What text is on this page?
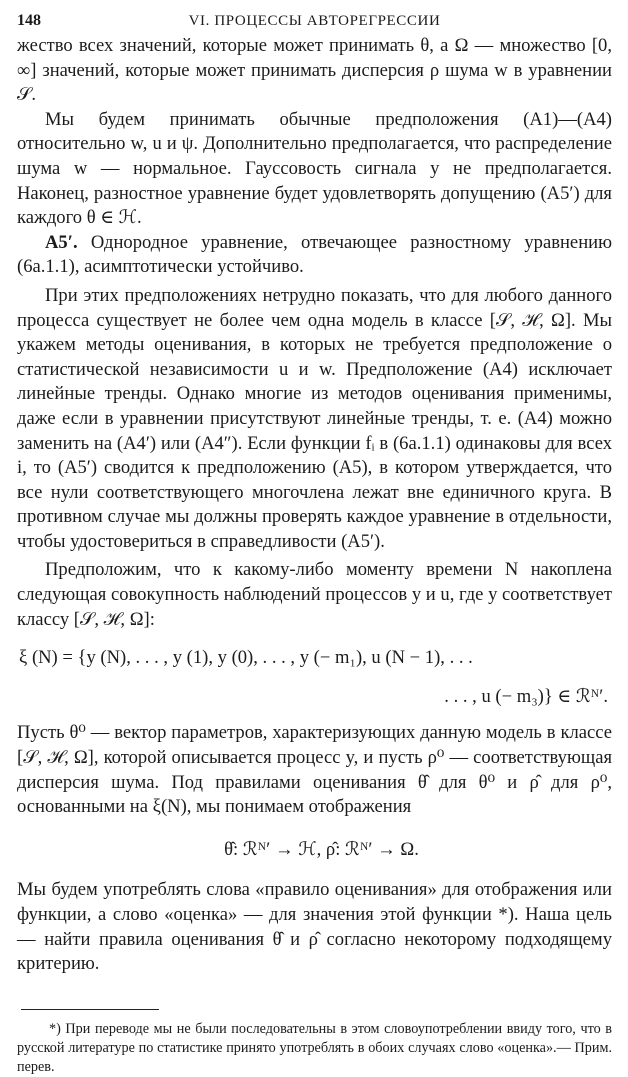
148	VI. ПРОЦЕССЫ АВТОРЕГРЕССИИ

жество всех значений, которые может принимать θ, а Ω — множество [0, ∞] значений, которые может принимать дисперсия ρ шума w в уравнении 𝒮.

Мы будем принимать обычные предположения (A1)—(A4) относительно w, u и ψ. Дополнительно предполагается, что распределение шума w — нормальное. Гауссовость сигнала y не предполагается. Наконец, разностное уравнение будет удовлетворять допущению (A5′) для каждого θ ∈ ℋ.

A5′. Однородное уравнение, отвечающее разностному уравнению (6a.1.1), асимптотически устойчиво.

При этих предположениях нетрудно показать, что для любого данного процесса существует не более чем одна модель в классе [𝒮, ℋ, Ω]. Мы укажем методы оценивания, в которых не требуется предположение о статистической независимости u и w. Предположение (A4) исключает линейные тренды. Однако многие из методов оценивания применимы, даже если в уравнении присутствуют линейные тренды, т. е. (A4) можно заменить на (A4′) или (A4″). Если функции fᵢ в (6a.1.1) одинаковы для всех i, то (A5′) сводится к предположению (A5), в котором утверждается, что все нули соответствующего многочлена лежат вне единичного круга. В противном случае мы должны проверять каждое уравнение в отдельности, чтобы удостовериться в справедливости (A5′).

Предположим, что к какому-либо моменту времени N накоплена следующая совокупность наблюдений процессов y и u, где y соответствует классу [𝒮, ℋ, Ω]:

ξ (N) = {y (N), . . . , y (1), y (0), . . . , y (− m₁), u (N − 1), . . .

. . . , u (− m₃)} ∈ ℛᴺ′.

Пусть θ⁰ — вектор параметров, характеризующих данную модель в классе [𝒮, ℋ, Ω], которой описывается процесс y, и пусть ρ⁰ — соответствующая дисперсия шума. Под правилами оценивания θ̂ для θ⁰ и ρ̂ для ρ⁰, основанными на ξ(N), мы понимаем отображения

θ̂: ℛᴺ′ → ℋ, ρ̂: ℛᴺ′ → Ω.

Мы будем употреблять слова «правило оценивания» для отображения или функции, а слово «оценка» — для значения этой функции *). Наша цель — найти правила оценивания θ̂ и ρ̂ согласно некоторому подходящему критерию.

*) При переводе мы не были последовательны в этом словоупотреблении ввиду того, что в русской литературе по статистике принято употреблять в обоих случаях слово «оценка».— Прим. перев.
